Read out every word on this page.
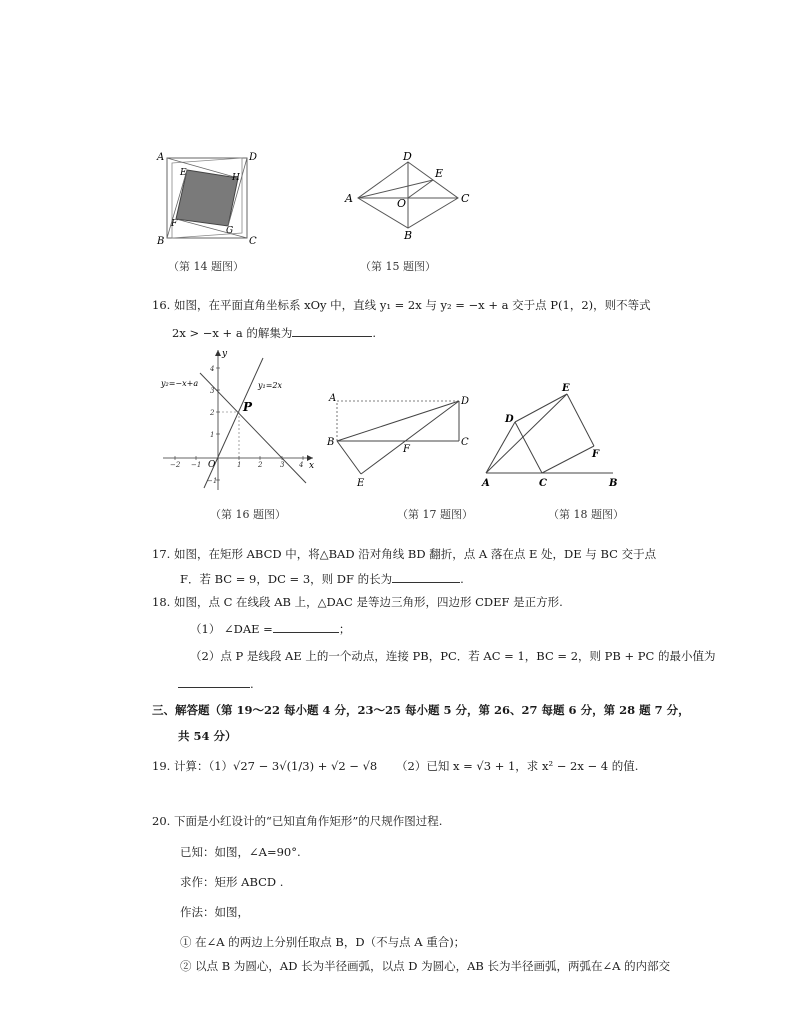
A	D
E	H
F
G
B	C
（第 14 题图）
D
E
A	O	C
B
（第 15 题图）
16. 如图，在平面直角坐标系 xOy 中，直线 y₁ = 2x 与 y₂ = −x + a 交于点 P(1，2)，则不等式
2x > −x + a 的解集为	.
y
x
O
P
y₂=−x+a	y₁=2x
4
3
2
1
−1
−2 −1	1 2	3 4
（第 16 题图）
A	D
B
F
C
E
（第 17 题图）
E
D
F
A	C	B
（第 18 题图）
17. 如图，在矩形 ABCD 中，将△BAD 沿对角线 BD 翻折，点 A 落在点 E 处，DE 与 BC 交于点
F．若 BC = 9，DC = 3，则 DF 的长为	.
18. 如图，点 C 在线段 AB 上，△DAC 是等边三角形，四边形 CDEF 是正方形.
（1） ∠DAE =	；
（2）点 P 是线段 AE 上的一个动点，连接 PB，PC．若 AC = 1，BC = 2，则 PB + PC 的最小值为
.
三、解答题（第 19～22 每小题 4 分，23～25 每小题 5 分，第 26、27 每题 6 分，第 28 题 7 分，
共 54 分）
19. 计算：（1）√27 − 3√(1/3) + √2 − √8 （2）已知 x = √3 + 1，求 x² − 2x − 4 的值.
20. 下面是小红设计的“已知直角作矩形”的尺规作图过程.
已知：如图，∠A=90°.
求作：矩形 ABCD .
作法：如图，
① 在∠A 的两边上分别任取点 B，D（不与点 A 重合)；
② 以点 B 为圆心，AD 长为半径画弧，以点 D 为圆心，AB 长为半径画弧，两弧在∠A 的内部交
